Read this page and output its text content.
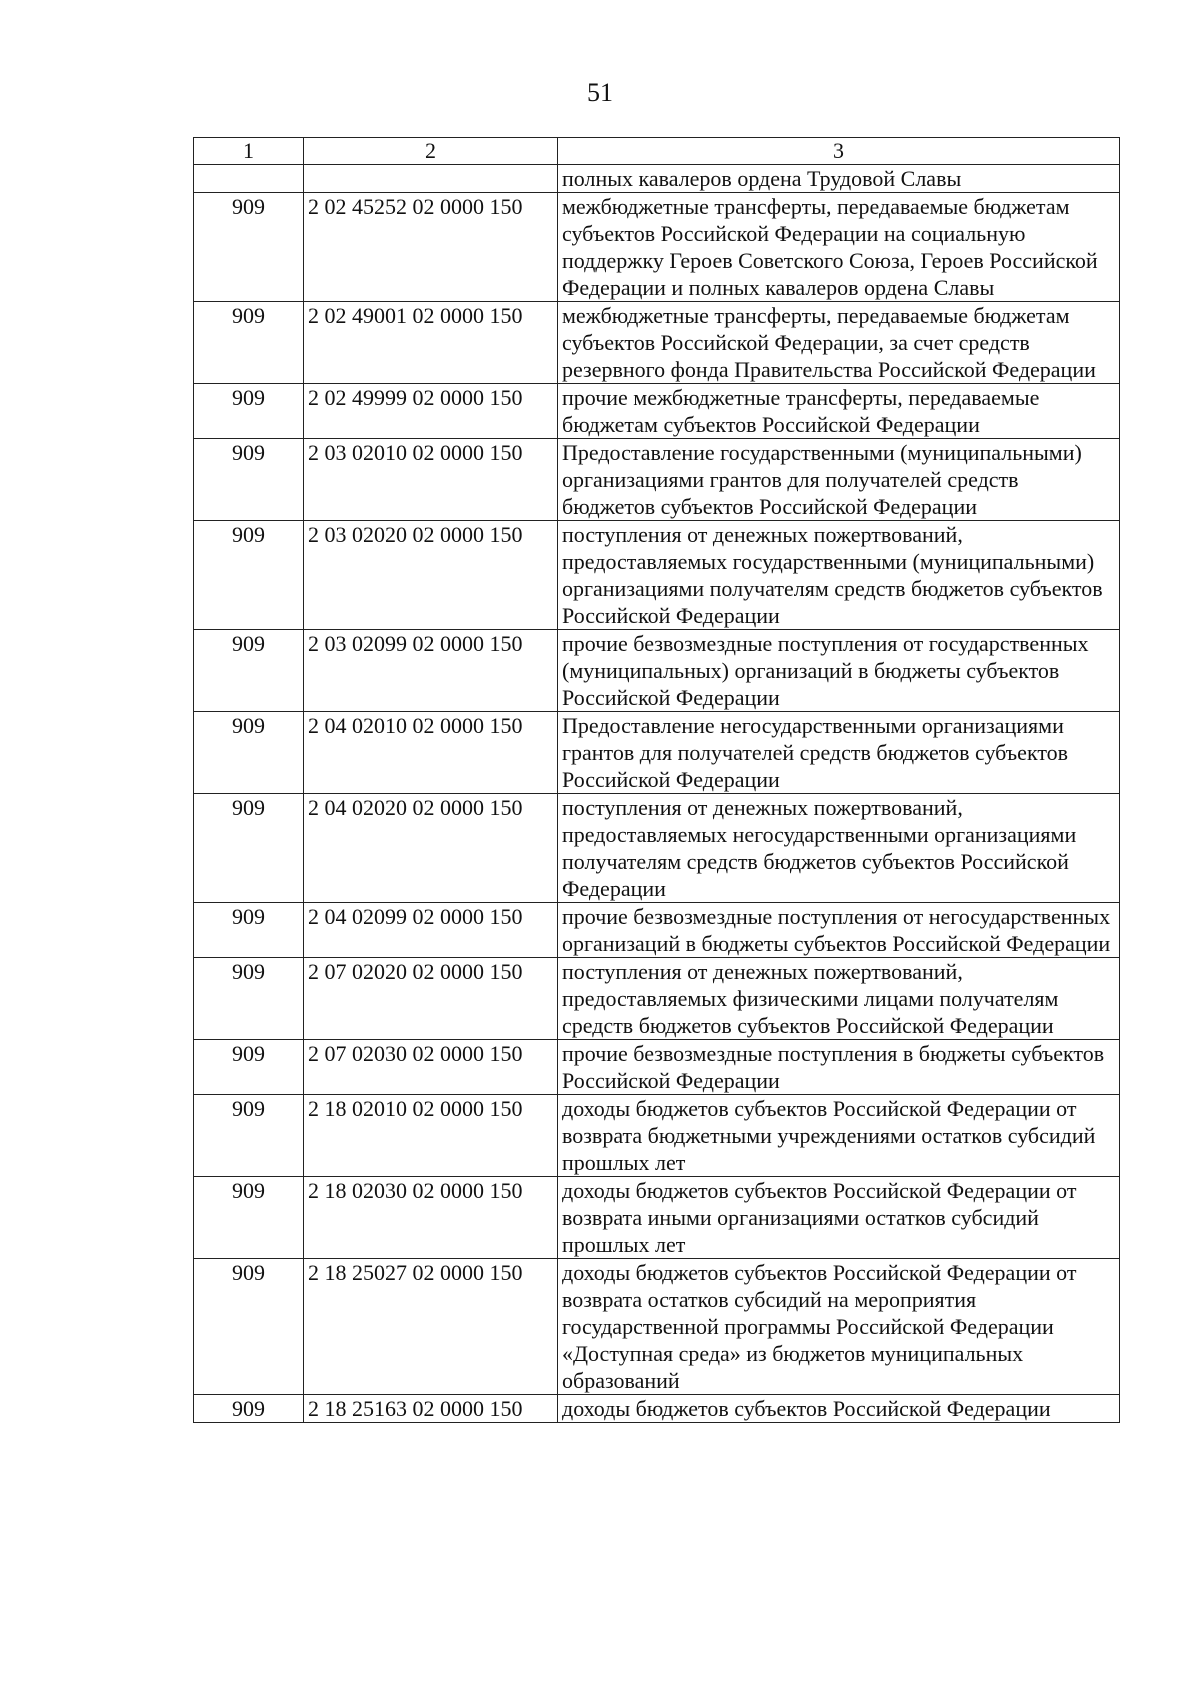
51
1	2	3
		полных кавалеров ордена Трудовой Славы
909	2 02 45252 02 0000 150	межбюджетные трансферты, передаваемые бюджетам субъектов Российской Федерации на социальную поддержку Героев Советского Союза, Героев Российской Федерации и полных кавалеров ордена Славы
909	2 02 49001 02 0000 150	межбюджетные трансферты, передаваемые бюджетам субъектов Российской Федерации, за счет средств резервного фонда Правительства Российской Федерации
909	2 02 49999 02 0000 150	прочие межбюджетные трансферты, передаваемые бюджетам субъектов Российской Федерации
909	2 03 02010 02 0000 150	Предоставление государственными (муниципальными) организациями грантов для получателей средств бюджетов субъектов Российской Федерации
909	2 03 02020 02 0000 150	поступления от денежных пожертвований, предоставляемых государственными (муниципальными) организациями получателям средств бюджетов субъектов Российской Федерации
909	2 03 02099 02 0000 150	прочие безвозмездные поступления от государственных (муниципальных) организаций в бюджеты субъектов Российской Федерации
909	2 04 02010 02 0000 150	Предоставление негосударственными организациями грантов для получателей средств бюджетов субъектов Российской Федерации
909	2 04 02020 02 0000 150	поступления от денежных пожертвований, предоставляемых негосударственными организациями получателям средств бюджетов субъектов Российской Федерации
909	2 04 02099 02 0000 150	прочие безвозмездные поступления от негосударственных организаций в бюджеты субъектов Российской Федерации
909	2 07 02020 02 0000 150	поступления от денежных пожертвований, предоставляемых физическими лицами получателям средств бюджетов субъектов Российской Федерации
909	2 07 02030 02 0000 150	прочие безвозмездные поступления в бюджеты субъектов Российской Федерации
909	2 18 02010 02 0000 150	доходы бюджетов субъектов Российской Федерации от возврата бюджетными учреждениями остатков субсидий прошлых лет
909	2 18 02030 02 0000 150	доходы бюджетов субъектов Российской Федерации от возврата иными организациями остатков субсидий прошлых лет
909	2 18 25027 02 0000 150	доходы бюджетов субъектов Российской Федерации от возврата остатков субсидий на мероприятия государственной программы Российской Федерации «Доступная среда» из бюджетов муниципальных образований
909	2 18 25163 02 0000 150	доходы бюджетов субъектов Российской Федерации
